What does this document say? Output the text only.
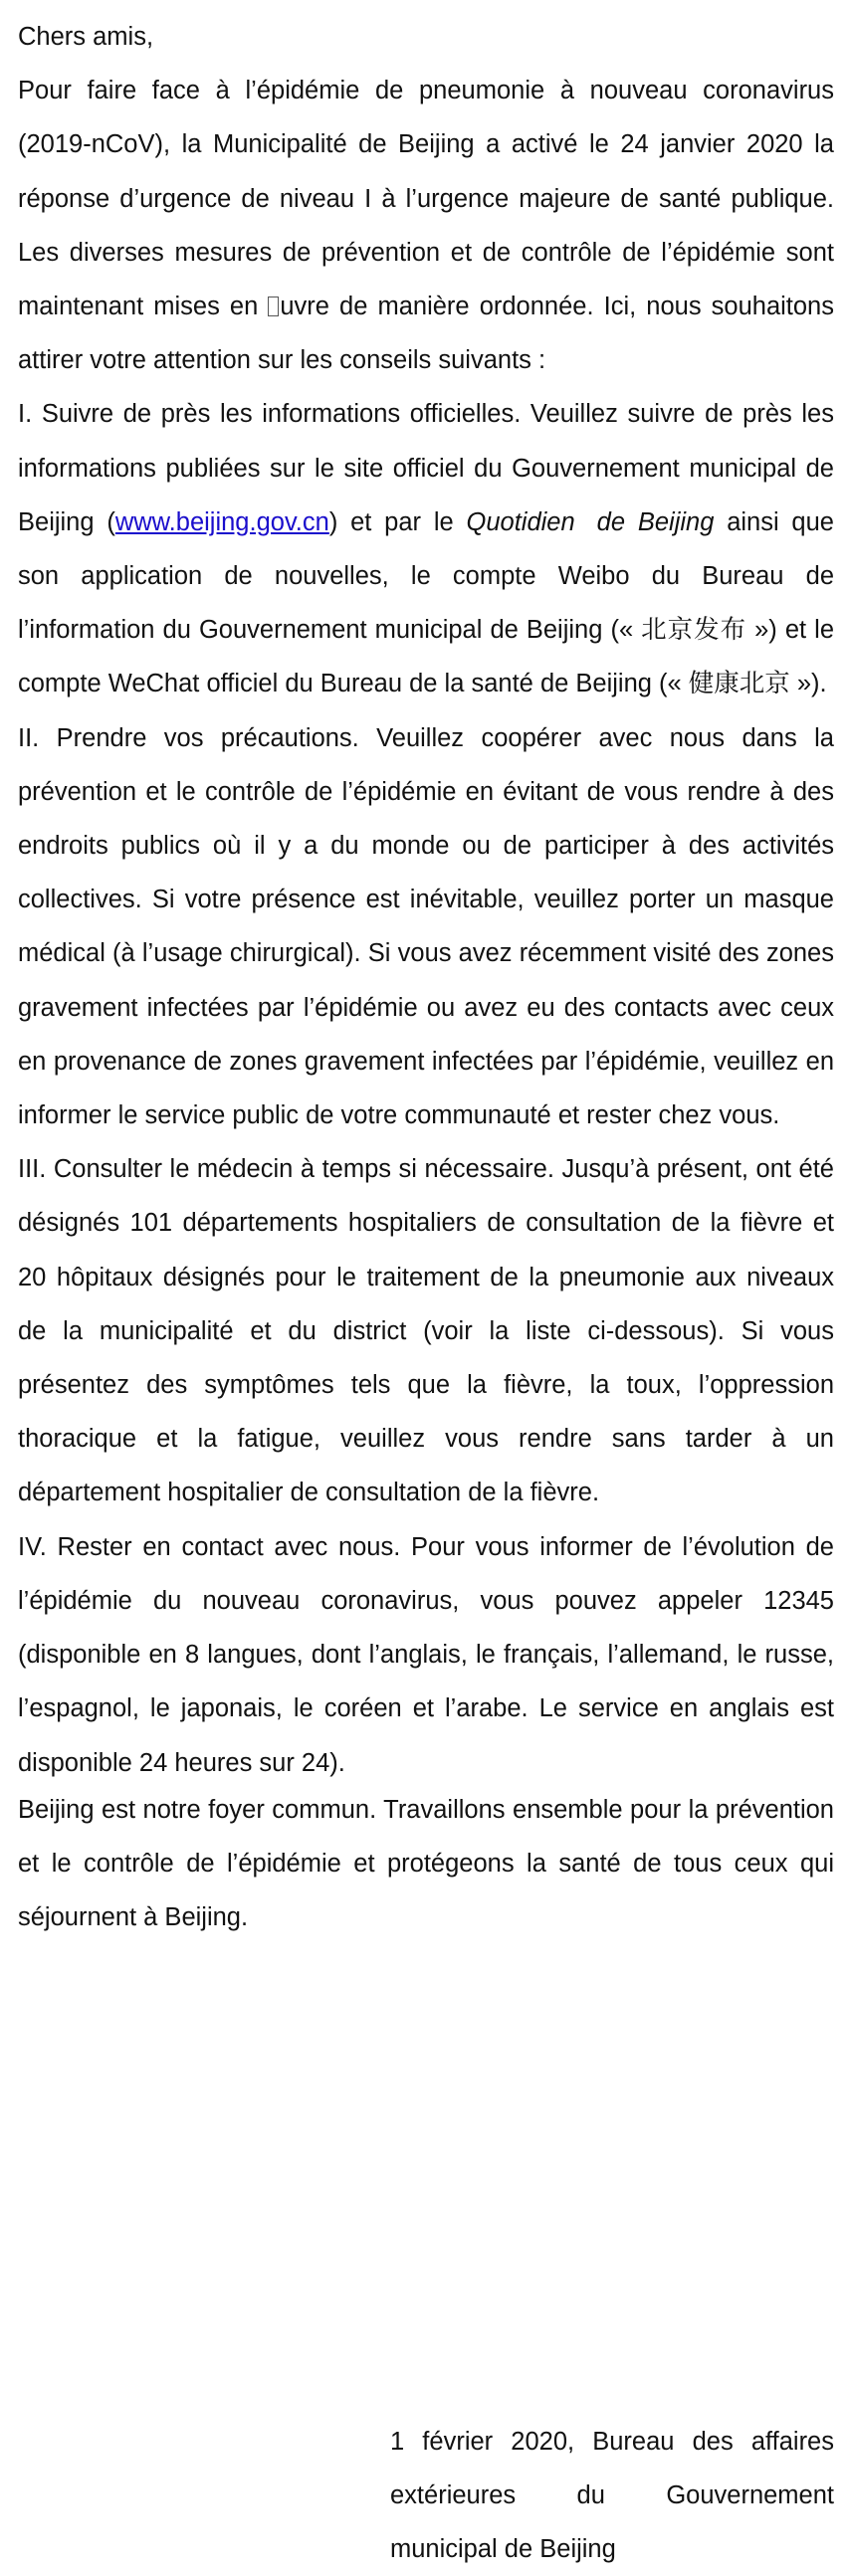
Chers amis,

Pour faire face à l’épidémie de pneumonie à nouveau coronavirus (2019-nCoV), la Municipalité de Beijing a activé le 24 janvier 2020 la réponse d’urgence de niveau I à l’urgence majeure de santé publique. Les diverses mesures de prévention et de contrôle de l’épidémie sont maintenant mises en uvre de manière ordonnée. Ici, nous souhaitons attirer votre attention sur les conseils suivants :

I. Suivre de près les informations officielles. Veuillez suivre de près les informations publiées sur le site officiel du Gouvernement municipal de Beijing (www.beijing.gov.cn) et par le Quotidien de Beijing ainsi que son application de nouvelles, le compte Weibo du Bureau de l’information du Gouvernement municipal de Beijing (« 北京发布 ») et le compte WeChat officiel du Bureau de la santé de Beijing (« 健康北京 »).

II. Prendre vos précautions. Veuillez coopérer avec nous dans la prévention et le contrôle de l’épidémie en évitant de vous rendre à des endroits publics où il y a du monde ou de participer à des activités collectives. Si votre présence est inévitable, veuillez porter un masque médical (à l’usage chirurgical). Si vous avez récemment visité des zones gravement infectées par l’épidémie ou avez eu des contacts avec ceux en provenance de zones gravement infectées par l’épidémie, veuillez en informer le service public de votre communauté et rester chez vous.

III. Consulter le médecin à temps si nécessaire. Jusqu’à présent, ont été désignés 101 départements hospitaliers de consultation de la fièvre et 20 hôpitaux désignés pour le traitement de la pneumonie aux niveaux de la municipalité et du district (voir la liste ci-dessous). Si vous présentez des symptômes tels que la fièvre, la toux, l’oppression thoracique et la fatigue, veuillez vous rendre sans tarder à un département hospitalier de consultation de la fièvre.

IV. Rester en contact avec nous. Pour vous informer de l’évolution de l’épidémie du nouveau coronavirus, vous pouvez appeler 12345 (disponible en 8 langues, dont l’anglais, le français, l’allemand, le russe, l’espagnol, le japonais, le coréen et l’arabe. Le service en anglais est disponible 24 heures sur 24).

Beijing est notre foyer commun. Travaillons ensemble pour la prévention et le contrôle de l’épidémie et protégeons la santé de tous ceux qui séjournent à Beijing.

1 février 2020, Bureau des affaires extérieures du Gouvernement municipal de Beijing
